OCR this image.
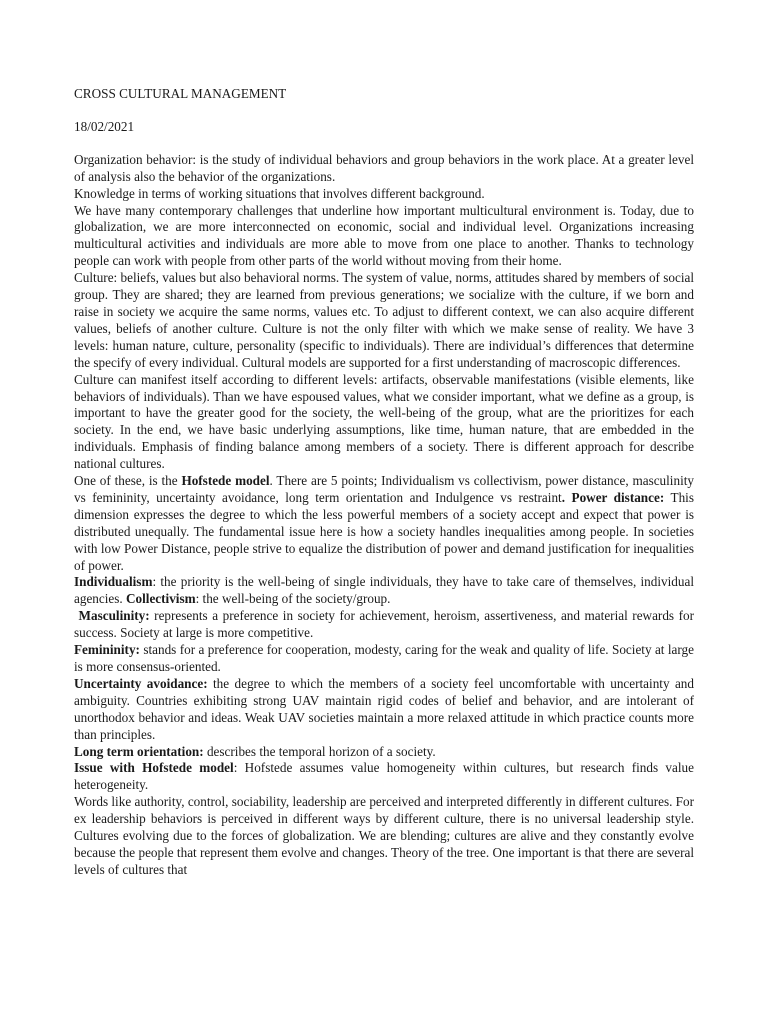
CROSS CULTURAL MANAGEMENT
18/02/2021

Organization behavior: is the study of individual behaviors and group behaviors in the work place. At a greater level of analysis also the behavior of the organizations.

Knowledge in terms of working situations that involves different background.

We have many contemporary challenges that underline how important multicultural environment is. Today, due to globalization, we are more interconnected on economic, social and individual level. Organizations increasing multicultural activities and individuals are more able to move from one place to another. Thanks to technology people can work with people from other parts of the world without moving from their home.

Culture: beliefs, values but also behavioral norms. The system of value, norms, attitudes shared by members of social group. They are shared; they are learned from previous generations; we socialize with the culture, if we born and raise in society we acquire the same norms, values etc. To adjust to different context, we can also acquire different values, beliefs of another culture. Culture is not the only filter with which we make sense of reality. We have 3 levels: human nature, culture, personality (specific to individuals). There are individual’s differences that determine the specify of every individual. Cultural models are supported for a first understanding of macroscopic differences.

Culture can manifest itself according to different levels: artifacts, observable manifestations (visible elements, like behaviors of individuals). Than we have espoused values, what we consider important, what we define as a group, is important to have the greater good for the society, the well-being of the group, what are the prioritizes for each society. In the end, we have basic underlying assumptions, like time, human nature, that are embedded in the individuals. Emphasis of finding balance among members of a society. There is different approach for describe national cultures.

One of these, is the Hofstede model. There are 5 points; Individualism vs collectivism, power distance, masculinity vs femininity, uncertainty avoidance, long term orientation and Indulgence vs restraint. Power distance: This dimension expresses the degree to which the less powerful members of a society accept and expect that power is distributed unequally. The fundamental issue here is how a society handles inequalities among people. In societies with low Power Distance, people strive to equalize the distribution of power and demand justification for inequalities of power.

Individualism: the priority is the well-being of single individuals, they have to take care of themselves, individual agencies. Collectivism: the well-being of the society/group.

Masculinity: represents a preference in society for achievement, heroism, assertiveness, and material rewards for success. Society at large is more competitive.

Femininity: stands for a preference for cooperation, modesty, caring for the weak and quality of life. Society at large is more consensus-oriented.

Uncertainty avoidance: the degree to which the members of a society feel uncomfortable with uncertainty and ambiguity. Countries exhibiting strong UAV maintain rigid codes of belief and behavior, and are intolerant of unorthodox behavior and ideas. Weak UAV societies maintain a more relaxed attitude in which practice counts more than principles.

Long term orientation: describes the temporal horizon of a society.

Issue with Hofstede model: Hofstede assumes value homogeneity within cultures, but research finds value heterogeneity.

Words like authority, control, sociability, leadership are perceived and interpreted differently in different cultures. For ex leadership behaviors is perceived in different ways by different culture, there is no universal leadership style. Cultures evolving due to the forces of globalization. We are blending; cultures are alive and they constantly evolve because the people that represent them evolve and changes. Theory of the tree. One important is that there are several levels of cultures that
